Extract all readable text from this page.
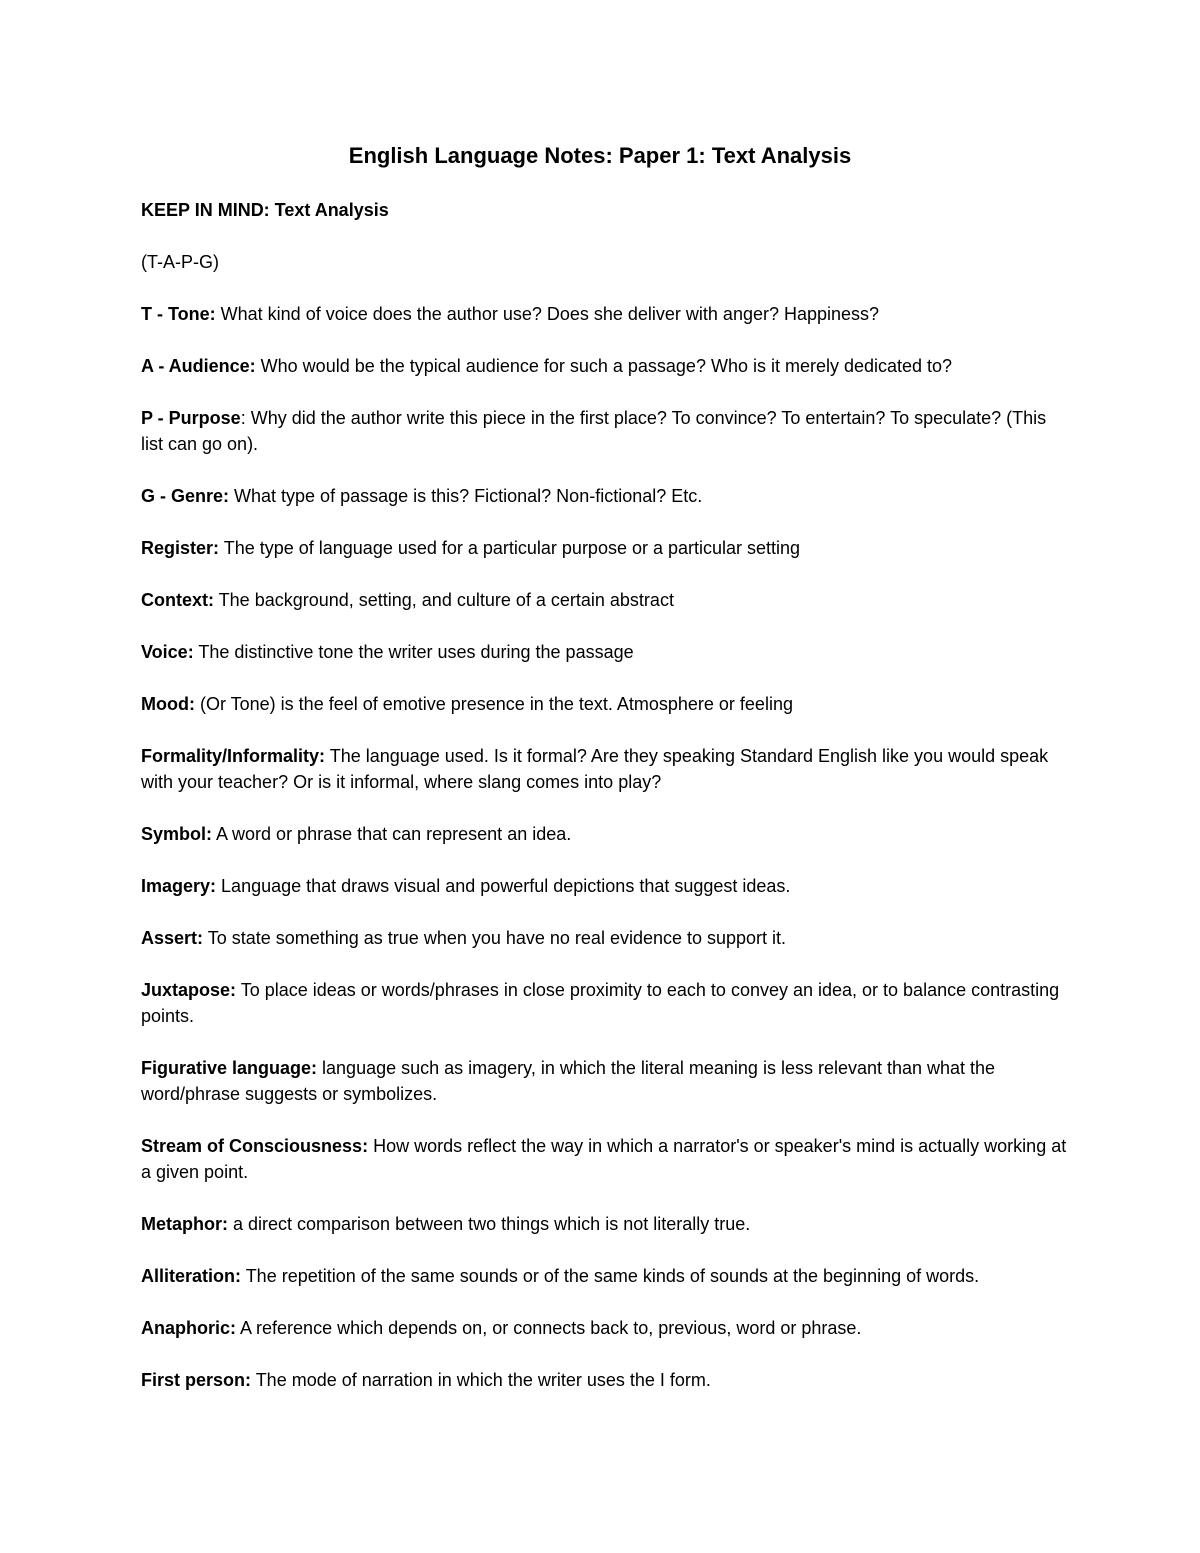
English Language Notes: Paper 1: Text Analysis

KEEP IN MIND: Text Analysis

(T-A-P-G)

T - Tone: What kind of voice does the author use? Does she deliver with anger? Happiness?

A - Audience: Who would be the typical audience for such a passage? Who is it merely dedicated to?

P - Purpose: Why did the author write this piece in the first place? To convince? To entertain? To speculate? (This list can go on).

G - Genre: What type of passage is this? Fictional? Non-fictional? Etc.

Register: The type of language used for a particular purpose or a particular setting

Context: The background, setting, and culture of a certain abstract

Voice: The distinctive tone the writer uses during the passage

Mood: (Or Tone) is the feel of emotive presence in the text. Atmosphere or feeling

Formality/Informality: The language used. Is it formal? Are they speaking Standard English like you would speak with your teacher? Or is it informal, where slang comes into play?

Symbol: A word or phrase that can represent an idea.

Imagery: Language that draws visual and powerful depictions that suggest ideas.

Assert: To state something as true when you have no real evidence to support it.

Juxtapose: To place ideas or words/phrases in close proximity to each to convey an idea, or to balance contrasting points.

Figurative language: language such as imagery, in which the literal meaning is less relevant than what the word/phrase suggests or symbolizes.

Stream of Consciousness: How words reflect the way in which a narrator's or speaker's mind is actually working at a given point.

Metaphor: a direct comparison between two things which is not literally true.

Alliteration: The repetition of the same sounds or of the same kinds of sounds at the beginning of words.

Anaphoric: A reference which depends on, or connects back to, previous, word or phrase.

First person: The mode of narration in which the writer uses the I form.
